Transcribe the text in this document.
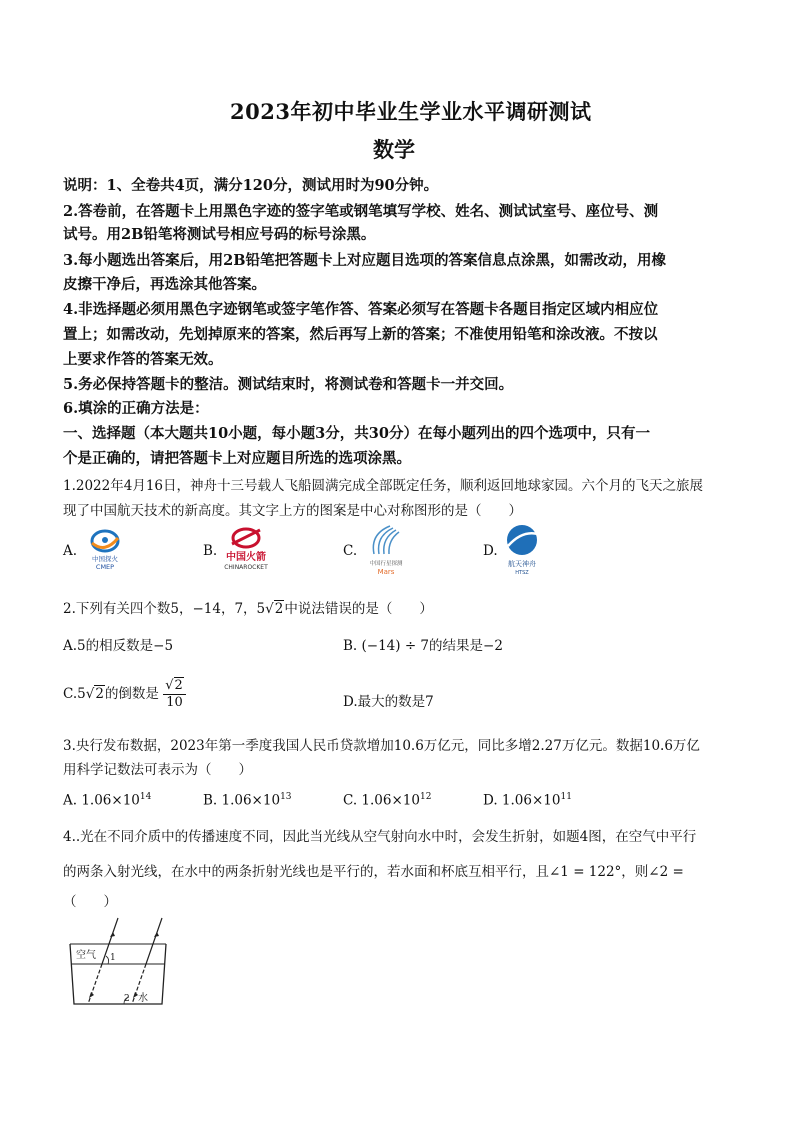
2023年初中毕业生学业水平调研测试
数学
说明：1、全卷共4页，满分120分，测试用时为90分钟。
2.答卷前，在答题卡上用黑色字迹的签字笔或钢笔填写学校、姓名、测试试室号、座位号、测
试号。用2B铅笔将测试号相应号码的标号涂黑。
3.每小题选出答案后，用2B铅笔把答题卡上对应题目选项的答案信息点涂黑，如需改动，用橡
皮擦干净后，再选涂其他答案。
4.非选择题必须用黑色字迹钢笔或签字笔作答、答案必须写在答题卡各题目指定区域内相应位
置上；如需改动，先划掉原来的答案，然后再写上新的答案；不准使用铅笔和涂改液。不按以
上要求作答的答案无效。
5.务必保持答题卡的整洁。测试结束时，将测试卷和答题卡一并交回。
6.填涂的正确方法是：
一、选择题（本大题共10小题，每小题3分，共30分）在每小题列出的四个选项中，只有一
个是正确的，请把答题卡上对应题目所选的选项涂黑。
1.2022年4月16日，神舟十三号载人飞船圆满完成全部既定任务，顺利返回地球家园。六个月的飞天之旅展
现了中国航天技术的新高度。其文字上方的图案是中心对称图形的是（　　）
A. 中国探火
CMEP
B. 中国火箭
CHINAROCKET
C.
中国行星探测
Mars
D.
航天神舟
HTSZ
2.下列有关四个数5，−14，7，5√2中说法错误的是（　　）
A.5的相反数是−5	B. (−14) ÷ 7的结果是−2
C.5√2的倒数是 $\frac{√2}{10}$	D.最大的数是7
3.央行发布数据，2023年第一季度我国人民币贷款增加10.6万亿元，同比多增2.27万亿元。数据10.6万亿
用科学记数法可表示为（　　）
A. $1.06\times 10^{14}$	B. $1.06\times 10^{13}$	C. $1.06\times 10^{12}$	D. $1.06\times 10^{11}$
4..光在不同介质中的传播速度不同，因此当光线从空气射向水中时，会发生折射，如题4图，在空气中平行
的两条入射光线，在水中的两条折射光线也是平行的，若水面和杯底互相平行，且∠1 = 122°，则∠2 =
（　　）
空气 1
2 水
